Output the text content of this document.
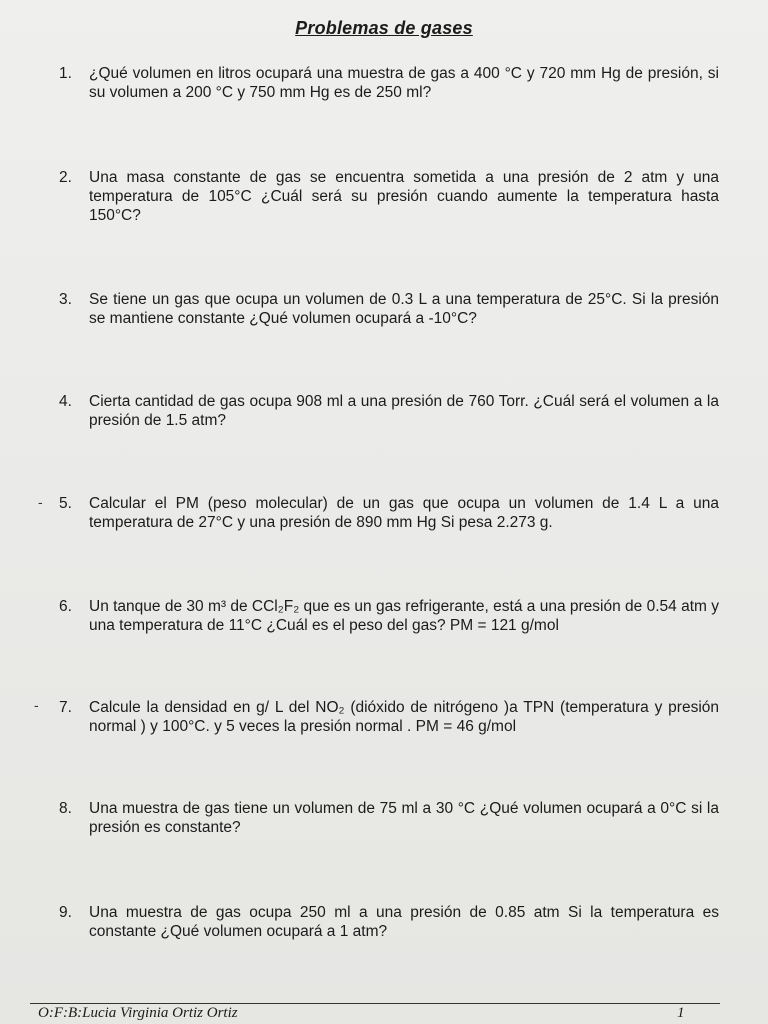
Problemas de gases
1.	¿Qué volumen en litros ocupará una muestra de gas a 400 °C y 720 mm Hg de presión, si su volumen a 200 °C y 750 mm Hg es de 250 ml?
2.	Una masa constante de gas se encuentra sometida a una presión de 2 atm y una temperatura de 105°C ¿Cuál será su presión cuando aumente la temperatura hasta 150°C?
3.	Se tiene un gas que ocupa un volumen de 0.3 L a una temperatura de 25°C. Si la presión se mantiene constante ¿Qué volumen ocupará a -10°C?
4.	Cierta cantidad de gas ocupa 908 ml a una presión de 760 Torr. ¿Cuál será el volumen a la presión de 1.5 atm?
- 5.	Calcular el PM (peso molecular) de un gas que ocupa un volumen de 1.4 L a una temperatura de 27°C y una presión de 890 mm Hg Si pesa 2.273 g.
6.	Un tanque de 30 m³ de CCl₂F₂ que es un gas refrigerante, está a una presión de 0.54 atm y una temperatura de 11°C ¿Cuál es el peso del gas? PM = 121 g/mol
- 7.	Calcule la densidad en g/ L del NO₂ (dióxido de nitrógeno )a TPN (temperatura y presión normal ) y 100°C. y 5 veces la presión normal . PM = 46 g/mol
8.	Una muestra de gas tiene un volumen de 75 ml a 30 °C ¿Qué volumen ocupará a 0°C si la presión es constante?
9.	Una muestra de gas ocupa 250 ml a una presión de 0.85 atm Si la temperatura es constante ¿Qué volumen ocupará a 1 atm?
O:F:B:Lucia Virginia Ortiz Ortiz	1
